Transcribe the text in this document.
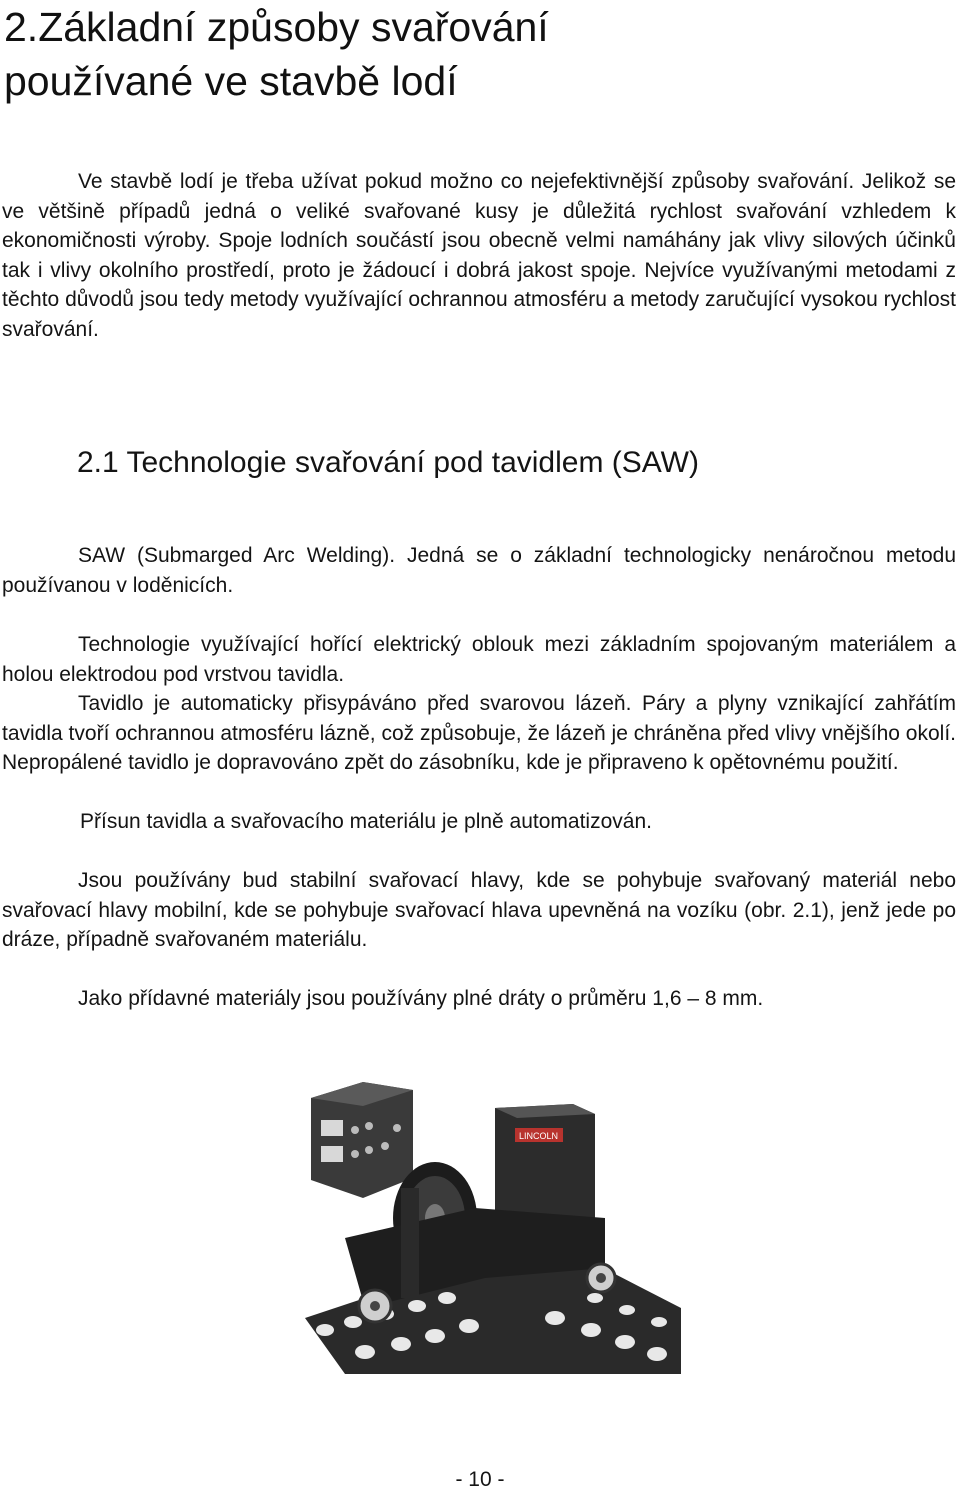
2.Základní způsoby svařování
používané ve stavbě lodí
Ve stavbě lodí je třeba užívat pokud možno co nejefektivnější způsoby svařování. Jelikož se ve většině případů jedná o veliké svařované kusy je důležitá rychlost svařování vzhledem k ekonomičnosti výroby. Spoje lodních součástí jsou obecně velmi namáhány jak vlivy silových účinků tak i vlivy okolního prostředí, proto je žádoucí i dobrá jakost spoje. Nejvíce využívanými metodami z těchto důvodů jsou tedy metody využívající ochrannou atmosféru a metody zaručující vysokou rychlost svařování.
2.1 Technologie svařování pod tavidlem (SAW)
SAW (Submarged Arc Welding). Jedná se o základní technologicky nenáročnou metodu používanou v loděnicích.
Technologie využívající hořící elektrický oblouk mezi základním spojovaným materiálem a holou elektrodou pod vrstvou tavidla.
Tavidlo je automaticky přisypáváno před svarovou lázeň. Páry a plyny vznikající zahřátím tavidla tvoří ochrannou atmosféru lázně, což způsobuje, že lázeň je chráněna před vlivy vnějšího okolí. Nepropálené tavidlo je dopravováno zpět do zásobníku, kde je připraveno k opětovnému použití.
Přísun tavidla a svařovacího materiálu je plně automatizován.
Jsou používány bud stabilní svařovací hlavy, kde se pohybuje svařovaný materiál nebo svařovací hlavy mobilní, kde se pohybuje svařovací hlava upevněná na vozíku (obr. 2.1), jenž jede po dráze, případně svařovaném materiálu.
Jako přídavné materiály jsou používány plné dráty o průměru 1,6 – 8 mm.
LINCOLN
- 10 -
